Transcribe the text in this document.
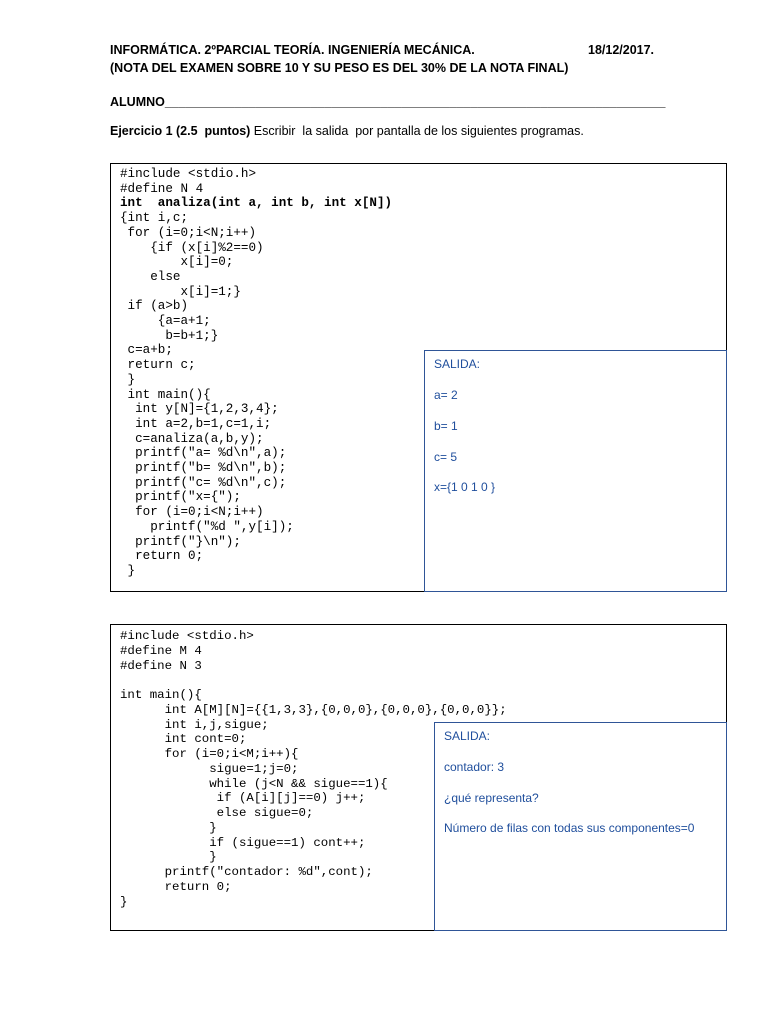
INFORMÁTICA. 2ºPARCIAL TEORÍA. INGENIERÍA MECÁNICA.	18/12/2017.
(NOTA DEL EXAMEN SOBRE 10 Y SU PESO ES DEL 30% DE LA NOTA FINAL)
ALUMNO________________________________________________________________________
Ejercicio 1 (2.5  puntos) Escribir  la salida  por pantalla de los siguientes programas.
#include <stdio.h>
#define N 4
int  analiza(int a, int b, int x[N])
{int i,c;
for (i=0;i<N;i++)
{if (x[i]%2==0)
x[i]=0;
else
x[i]=1;}
if (a>b)
{a=a+1;
b=b+1;}
c=a+b;
return c;
}
int main(){
int y[N]={1,2,3,4};
int a=2,b=1,c=1,i;
c=analiza(a,b,y);
printf("a= %d\n",a);
printf("b= %d\n",b);
printf("c= %d\n",c);
printf("x={");
for (i=0;i<N;i++)
printf("%d ",y[i]);
printf("}\n");
return 0;
}
SALIDA:
a= 2
b= 1
c= 5
x={1 0 1 0 }
#include <stdio.h>
#define M 4
#define N 3

int main(){
int A[M][N]={{1,3,3},{0,0,0},{0,0,0},{0,0,0}};
int i,j,sigue;
int cont=0;
for (i=0;i<M;i++){
sigue=1;j=0;
while (j<N && sigue==1){
if (A[i][j]==0) j++;
else sigue=0;
}
if (sigue==1) cont++;
}
printf("contador: %d",cont);
return 0;
}
SALIDA:
contador: 3
¿qué representa?
Número de filas con todas sus componentes=0
